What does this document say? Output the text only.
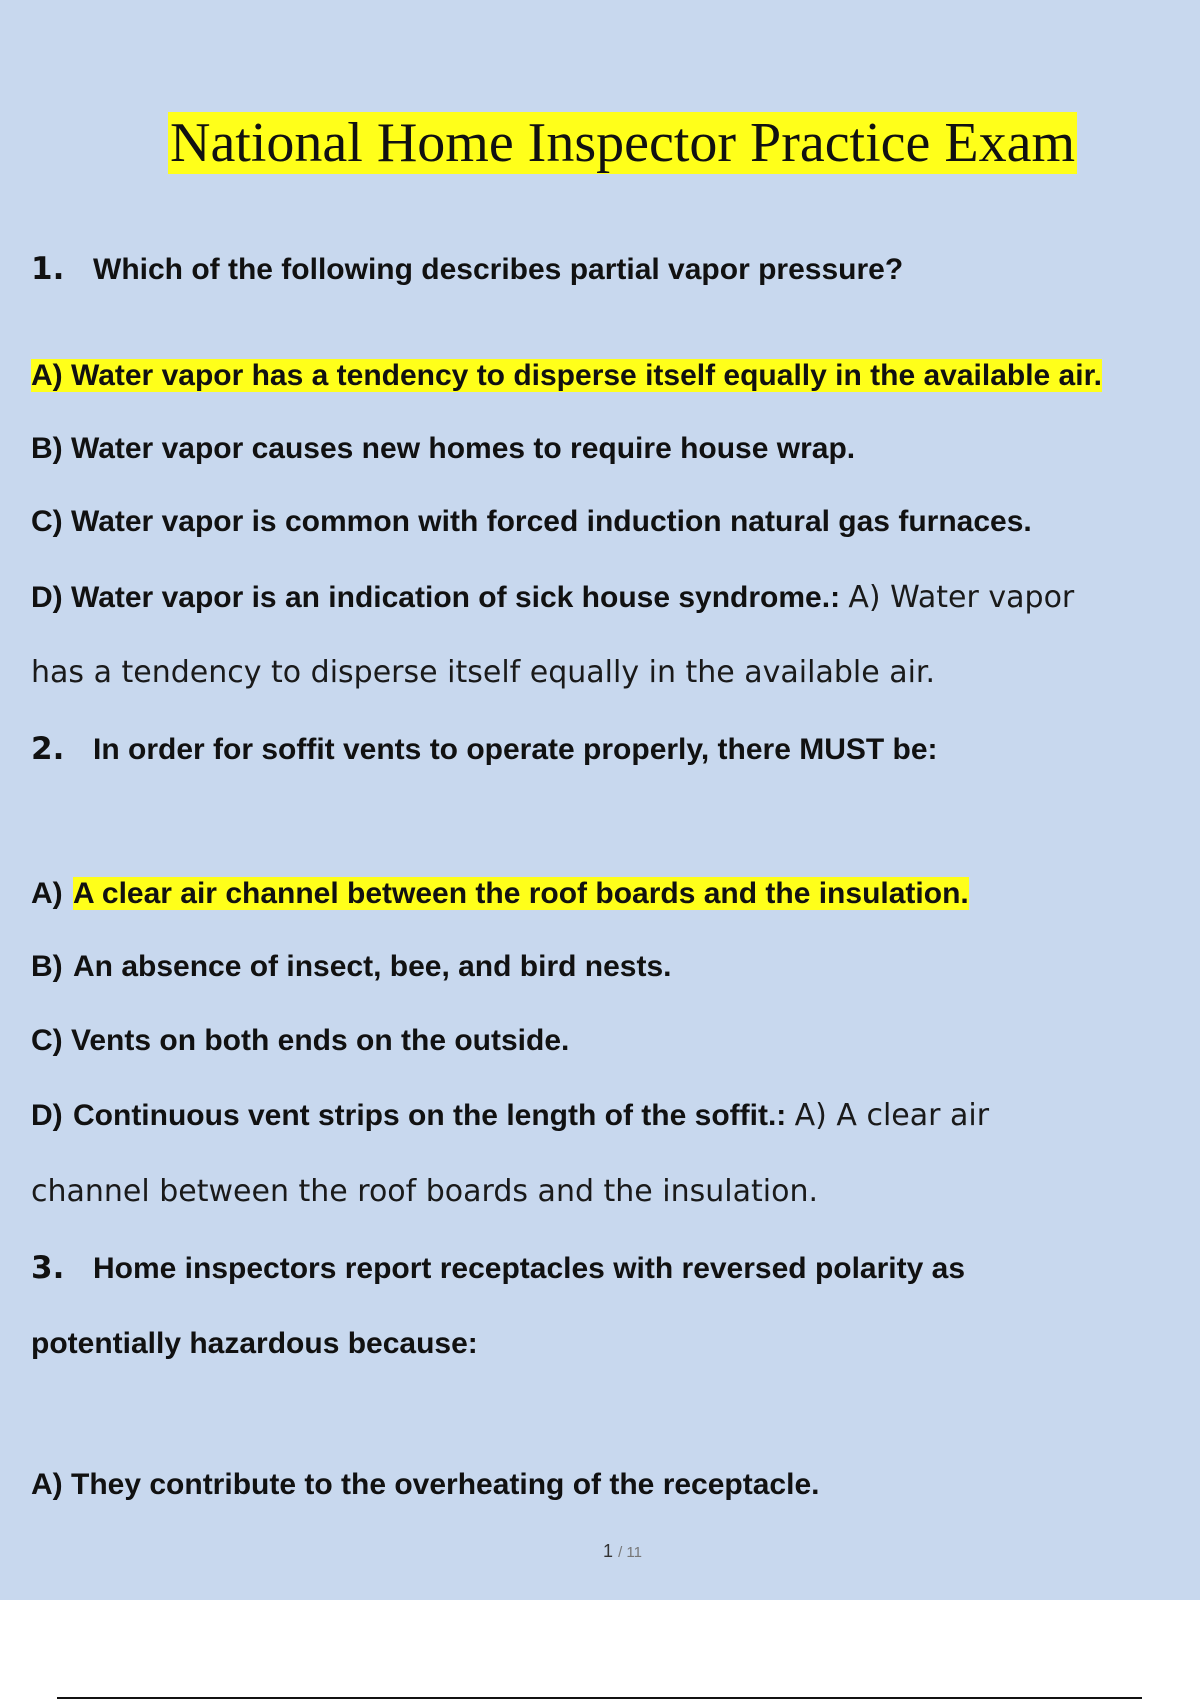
National Home Inspector Practice Exam
1. Which of the following describes partial vapor pressure?
A) Water vapor has a tendency to disperse itself equally in the available air.
B) Water vapor causes new homes to require house wrap.
C) Water vapor is common with forced induction natural gas furnaces.
D) Water vapor is an indication of sick house syndrome.: A) Water vapor
has a tendency to disperse itself equally in the available air.
2. In order for soffit vents to operate properly, there MUST be:
A) A clear air channel between the roof boards and the insulation.
B) An absence of insect, bee, and bird nests.
C) Vents on both ends on the outside.
D) Continuous vent strips on the length of the soffit.: A) A clear air
channel between the roof boards and the insulation.
3. Home inspectors report receptacles with reversed polarity as
potentially hazardous because:
A) They contribute to the overheating of the receptacle.
1 / 11
